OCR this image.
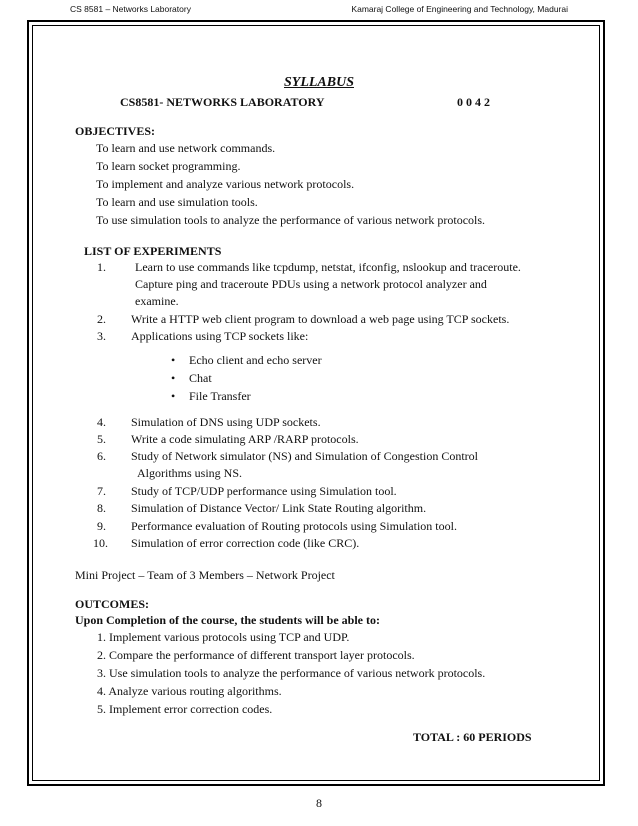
CS 8581 – Networks Laboratory	Kamaraj College of Engineering and Technology, Madurai
SYLLABUS
CS8581- NETWORKS LABORATORY	0 0 4 2
OBJECTIVES:
To learn and use network commands.
To learn socket programming.
To implement and analyze various network protocols.
To learn and use simulation tools.
To use simulation tools to analyze the performance of various network protocols.
LIST OF EXPERIMENTS
1. Learn to use commands like tcpdump, netstat, ifconfig, nslookup and traceroute.
Capture ping and traceroute PDUs using a network protocol analyzer and
examine.
2. Write a HTTP web client program to download a web page using TCP sockets.
3. Applications using TCP sockets like:
• Echo client and echo server
• Chat
• File Transfer
4. Simulation of DNS using UDP sockets.
5. Write a code simulating ARP /RARP protocols.
6. Study of Network simulator (NS) and Simulation of Congestion Control
Algorithms using NS.
7. Study of TCP/UDP performance using Simulation tool.
8. Simulation of Distance Vector/ Link State Routing algorithm.
9. Performance evaluation of Routing protocols using Simulation tool.
10. Simulation of error correction code (like CRC).
Mini Project – Team of 3 Members – Network Project
OUTCOMES:
Upon Completion of the course, the students will be able to:
1. Implement various protocols using TCP and UDP.
2. Compare the performance of different transport layer protocols.
3. Use simulation tools to analyze the performance of various network protocols.
4. Analyze various routing algorithms.
5. Implement error correction codes.
TOTAL : 60 PERIODS
8
